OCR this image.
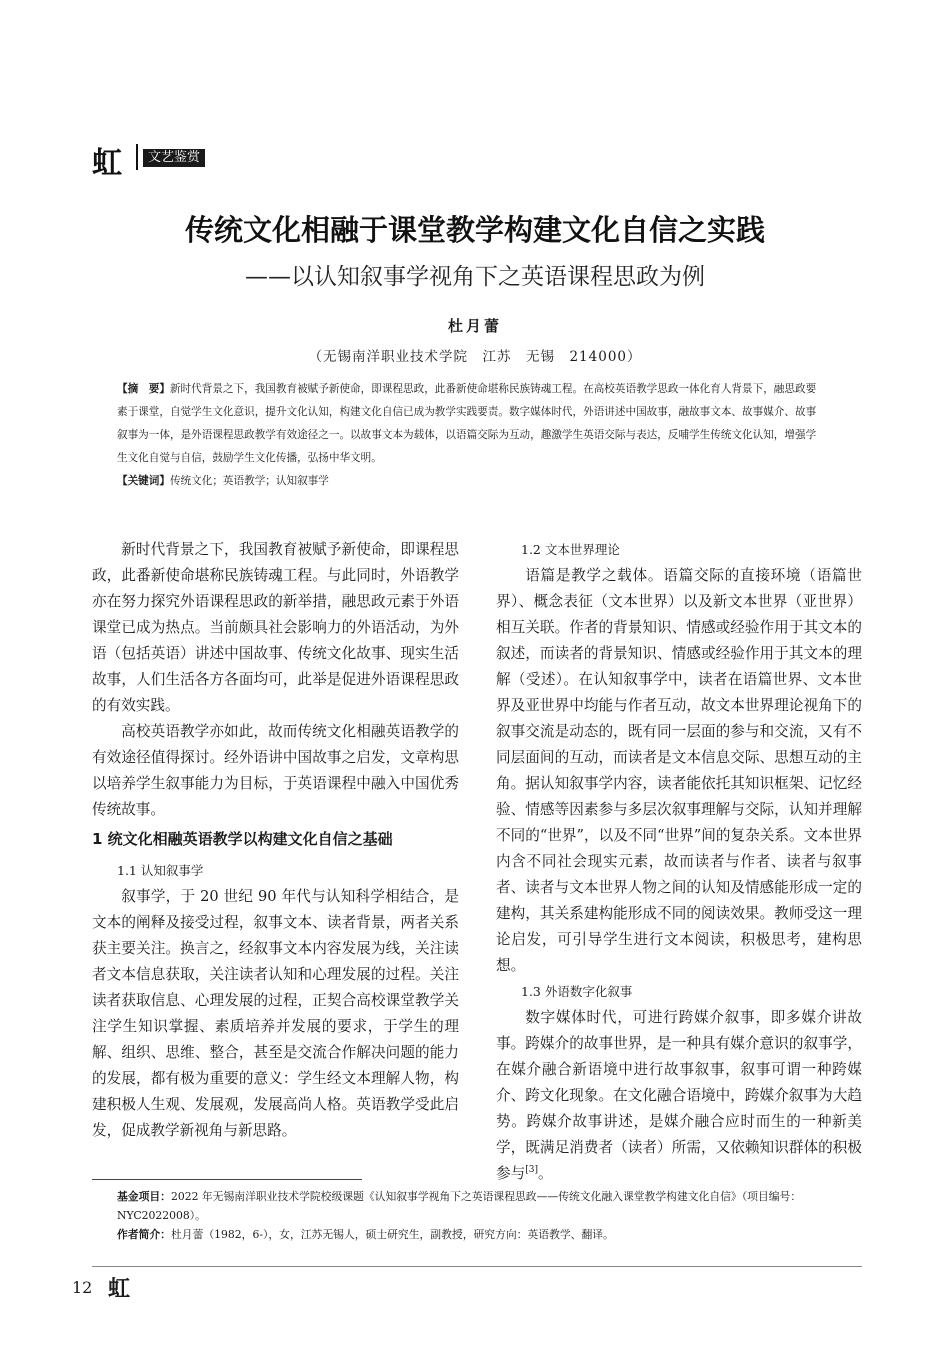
虹	文艺鉴赏
传统文化相融于课堂教学构建文化自信之实践
——以认知叙事学视角下之英语课程思政为例
杜月蕾
（无锡南洋职业技术学院　江苏　无锡　214000）
【摘　要】新时代背景之下，我国教育被赋予新使命，即课程思政，此番新使命堪称民族铸魂工程。在高校英语教学思政一体化育人背景下，融思政要素于课堂，自觉学生文化意识，提升文化认知，构建文化自信已成为教学实践要责。数字媒体时代，外语讲述中国故事，融故事文本、故事媒介、故事叙事为一体，是外语课程思政教学有效途径之一。以故事文本为载体，以语篇交际为互动，趣激学生英语交际与表达，反哺学生传统文化认知，增强学生文化自觉与自信，鼓励学生文化传播，弘扬中华文明。
【关键词】传统文化；英语教学；认知叙事学

新时代背景之下，我国教育被赋予新使命，即课程思政，此番新使命堪称民族铸魂工程。与此同时，外语教学亦在努力探究外语课程思政的新举措，融思政元素于外语课堂已成为热点。当前颇具社会影响力的外语活动，为外语（包括英语）讲述中国故事、传统文化故事、现实生活故事，人们生活各方各面均可，此举是促进外语课程思政的有效实践。

高校英语教学亦如此，故而传统文化相融英语教学的有效途径值得探讨。经外语讲中国故事之启发，文章构思以培养学生叙事能力为目标，于英语课程中融入中国优秀传统故事。

1 统文化相融英语教学以构建文化自信之基础
1.1 认知叙事学

叙事学，于 20 世纪 90 年代与认知科学相结合，是文本的阐释及接受过程，叙事文本、读者背景，两者关系获主要关注。换言之，经叙事文本内容发展为线，关注读者文本信息获取，关注读者认知和心理发展的过程。关注读者获取信息、心理发展的过程，正契合高校课堂教学关注学生知识掌握、素质培养并发展的要求，于学生的理解、组织、思维、整合，甚至是交流合作解决问题的能力的发展，都有极为重要的意义：学生经文本理解人物，构建积极人生观、发展观，发展高尚人格。英语教学受此启发，促成教学新视角与新思路。

1.2 文本世界理论

语篇是教学之载体。语篇交际的直接环境（语篇世界）、概念表征（文本世界）以及新文本世界（亚世界）相互关联。作者的背景知识、情感或经验作用于其文本的叙述，而读者的背景知识、情感或经验作用于其文本的理解（受述）。在认知叙事学中，读者在语篇世界、文本世界及亚世界中均能与作者互动，故文本世界理论视角下的叙事交流是动态的，既有同一层面的参与和交流，又有不同层面间的互动，而读者是文本信息交际、思想互动的主角。据认知叙事学内容，读者能依托其知识框架、记忆经验、情感等因素参与多层次叙事理解与交际，认知并理解不同的“世界”，以及不同“世界”间的复杂关系。文本世界内含不同社会现实元素，故而读者与作者、读者与叙事者、读者与文本世界人物之间的认知及情感能形成一定的建构，其关系建构能形成不同的阅读效果。教师受这一理论启发，可引导学生进行文本阅读，积极思考，建构思想。

1.3 外语数字化叙事

数字媒体时代，可进行跨媒介叙事，即多媒介讲故事。跨媒介的故事世界，是一种具有媒介意识的叙事学，在媒介融合新语境中进行故事叙事，叙事可谓一种跨媒介、跨文化现象。在文化融合语境中，跨媒介叙事为大趋势。跨媒介故事讲述，是媒介融合应时而生的一种新美学，既满足消费者（读者）所需，又依赖知识群体的积极参与[3]。

基金项目：2022 年无锡南洋职业技术学院校级课题《认知叙事学视角下之英语课程思政——传统文化融入课堂教学构建文化自信》（项目编号：NYC2022008）。
作者简介：杜月蕾（1982，6-），女，江苏无锡人，硕士研究生，副教授，研究方向：英语教学、翻译。
12 虹
